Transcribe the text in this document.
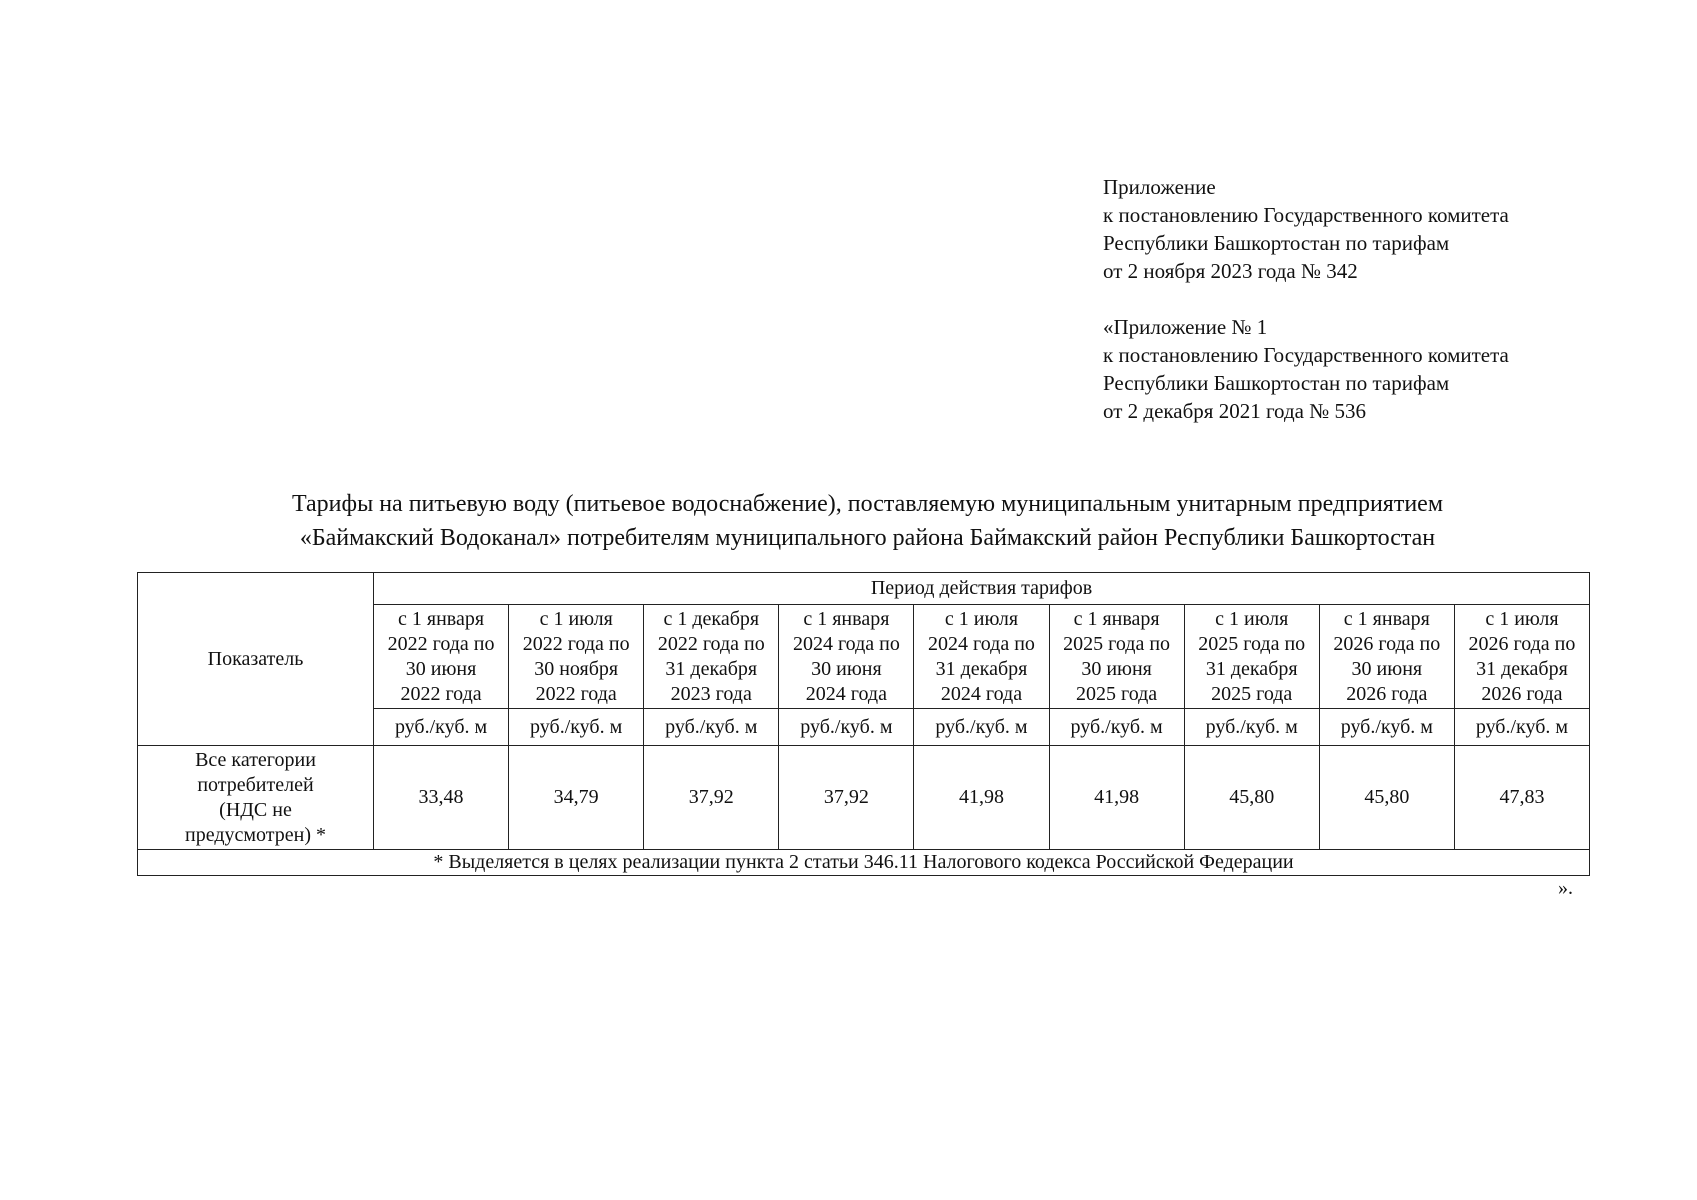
Приложение
к постановлению Государственного комитета
Республики Башкортостан по тарифам
от 2 ноября 2023 года № 342
«Приложение № 1
к постановлению Государственного комитета
Республики Башкортостан по тарифам
от 2 декабря 2021 года № 536
Тарифы на питьевую воду (питьевое водоснабжение), поставляемую муниципальным унитарным предприятием
«Баймакский Водоканал» потребителям муниципального района Баймакский район Республики Башкортостан
Показатель	Период действия тарифов								
	с 1 января
2022 года по
30 июня
2022 года	с 1 июля
2022 года по
30 ноября
2022 года	с 1 декабря
2022 года по
31 декабря
2023 года	с 1 января
2024 года по
30 июня
2024 года	с 1 июля
2024 года по
31 декабря
2024 года	с 1 января
2025 года по
30 июня
2025 года	с 1 июля
2025 года по
31 декабря
2025 года	с 1 января
2026 года по
30 июня
2026 года	с 1 июля
2026 года по
31 декабря
2026 года
	руб./куб. м	руб./куб. м	руб./куб. м	руб./куб. м	руб./куб. м	руб./куб. м	руб./куб. м	руб./куб. м	руб./куб. м
Все категории
потребителей
(НДС не
предусмотрен) *	33,48	34,79	37,92	37,92	41,98	41,98	45,80	45,80	47,83
* Выделяется в целях реализации пункта 2 статьи 346.11 Налогового кодекса Российской Федерации									
».
